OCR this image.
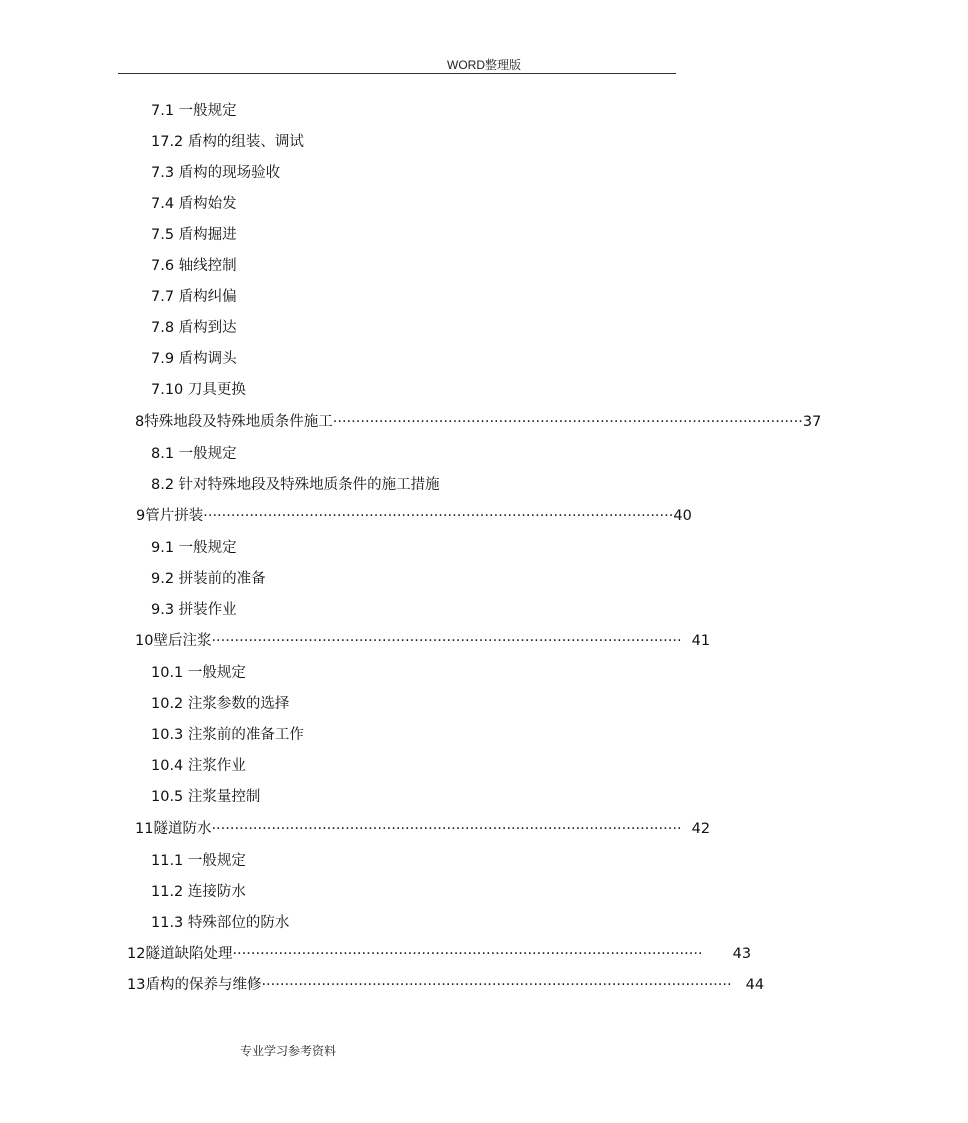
WORD整理版
7.1 一般规定
17.2 盾构的组装、调试
7.3 盾构的现场验收
7.4 盾构始发
7.5 盾构掘进
7.6 轴线控制
7.7 盾构纠偏
7.8 盾构到达
7.9 盾构调头
7.10 刀具更换
8 特殊地段及特殊地质条件施工 ······································································································ 37
8.1 一般规定
8.2 针对特殊地段及特殊地质条件的施工措施
9 管片拼装 ······································································································ 40
9.1 一般规定
9.2 拼装前的准备
9.3 拼装作业
10 壁后注浆 ······································································································ 41
10.1 一般规定
10.2 注浆参数的选择
10.3 注浆前的准备工作
10.4 注浆作业
10.5 注浆量控制
11 隧道防水 ······································································································ 42
11.1 一般规定
11.2 连接防水
11.3 特殊部位的防水
12 隧道缺陷处理 ······································································································ 43
13 盾构的保养与维修 ······································································································ 44
专业学习参考资料
